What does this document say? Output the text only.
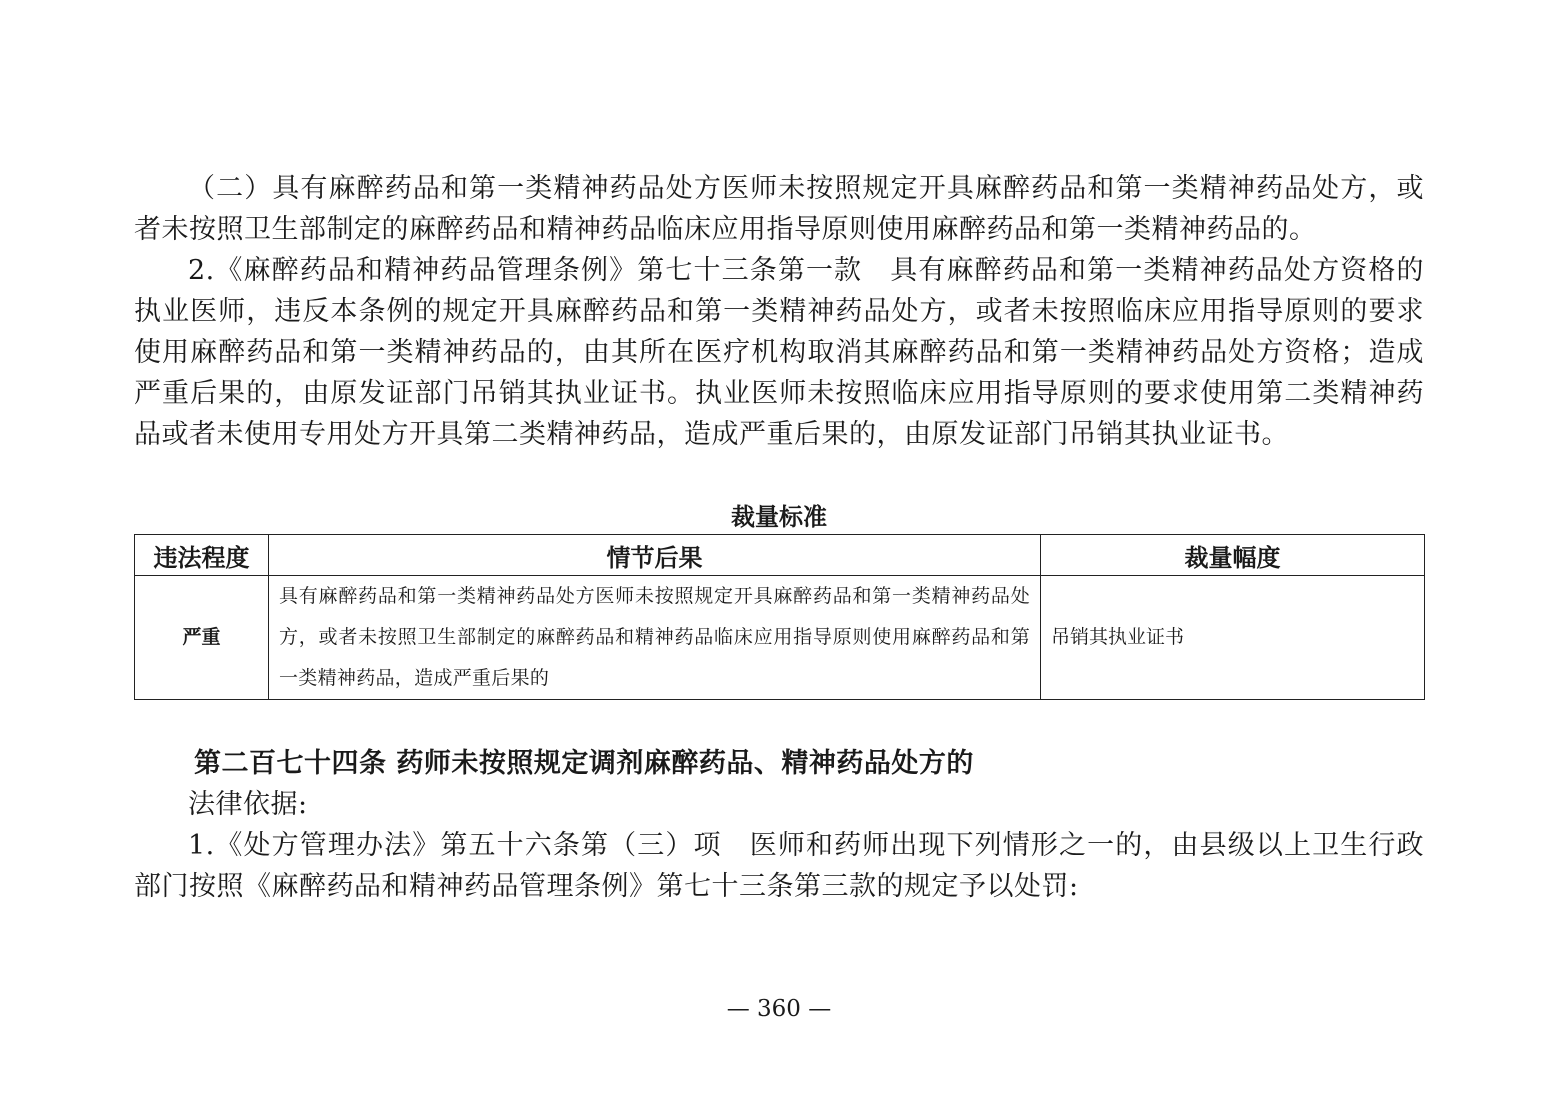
（二）具有麻醉药品和第一类精神药品处方医师未按照规定开具麻醉药品和第一类精神药品处方，或者未按照卫生部制定的麻醉药品和精神药品临床应用指导原则使用麻醉药品和第一类精神药品的。

2.《麻醉药品和精神药品管理条例》第七十三条第一款　具有麻醉药品和第一类精神药品处方资格的执业医师，违反本条例的规定开具麻醉药品和第一类精神药品处方，或者未按照临床应用指导原则的要求使用麻醉药品和第一类精神药品的，由其所在医疗机构取消其麻醉药品和第一类精神药品处方资格；造成严重后果的，由原发证部门吊销其执业证书。执业医师未按照临床应用指导原则的要求使用第二类精神药品或者未使用专用处方开具第二类精神药品，造成严重后果的，由原发证部门吊销其执业证书。

裁量标准

违法程度	情节后果	裁量幅度
严重	具有麻醉药品和第一类精神药品处方医师未按照规定开具麻醉药品和第一类精神药品处方，或者未按照卫生部制定的麻醉药品和精神药品临床应用指导原则使用麻醉药品和第一类精神药品，造成严重后果的	吊销其执业证书

第二百七十四条 药师未按照规定调剂麻醉药品、精神药品处方的

法律依据:

1.《处方管理办法》第五十六条第（三）项　医师和药师出现下列情形之一的，由县级以上卫生行政部门按照《麻醉药品和精神药品管理条例》第七十三条第三款的规定予以处罚:

— 360 —
